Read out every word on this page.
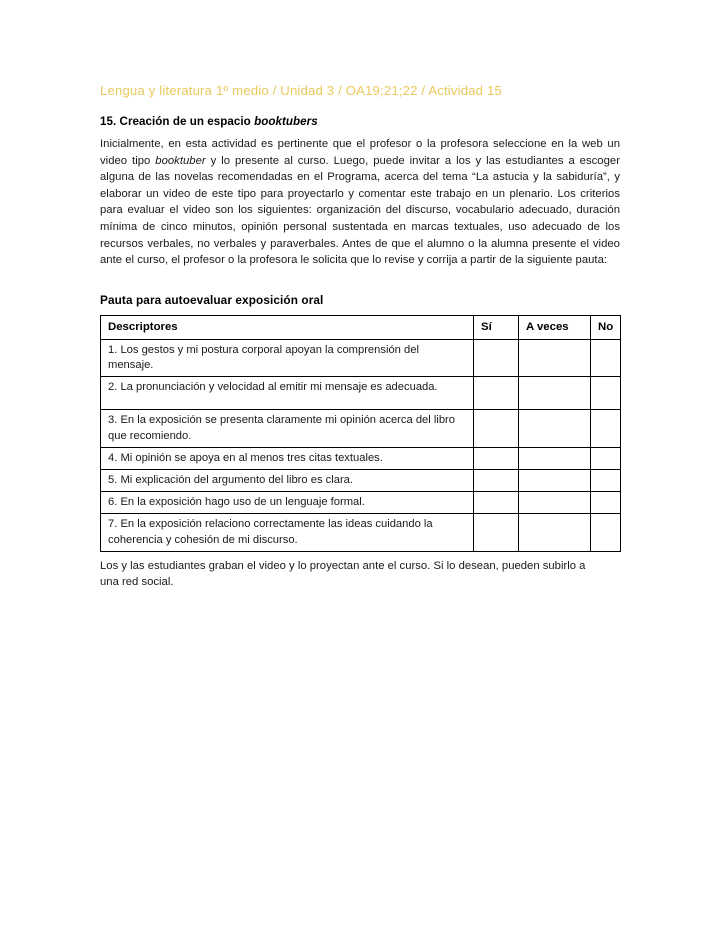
Lengua y literatura 1º medio / Unidad 3 / OA19;21;22 / Actividad 15

15. Creación de un espacio booktubers

Inicialmente, en esta actividad es pertinente que el profesor o la profesora seleccione en la web un video tipo booktuber y lo presente al curso. Luego, puede invitar a los y las estudiantes a escoger alguna de las novelas recomendadas en el Programa, acerca del tema “La astucia y la sabiduría”, y elaborar un video de este tipo para proyectarlo y comentar este trabajo en un plenario. Los criterios para evaluar el video son los siguientes: organización del discurso, vocabulario adecuado, duración mínima de cinco minutos, opinión personal sustentada en marcas textuales, uso adecuado de los recursos verbales, no verbales y paraverbales. Antes de que el alumno o la alumna presente el video ante el curso, el profesor o la profesora le solicita que lo revise y corrija a partir de la siguiente pauta:

Pauta para autoevaluar exposición oral

Descriptores	Sí	A veces	No
1. Los gestos y mi postura corporal apoyan la comprensión del mensaje.			
2. La pronunciación y velocidad al emitir mi mensaje es adecuada.			
3. En la exposición se presenta claramente mi opinión acerca del libro que recomiendo.			
4. Mi opinión se apoya en al menos tres citas textuales.			
5. Mi explicación del argumento del libro es clara.			
6. En la exposición hago uso de un lenguaje formal.			
7. En la exposición relaciono correctamente las ideas cuidando la coherencia y cohesión de mi discurso.			

Los y las estudiantes graban el video y lo proyectan ante el curso. Si lo desean, pueden subirlo a una red social.
